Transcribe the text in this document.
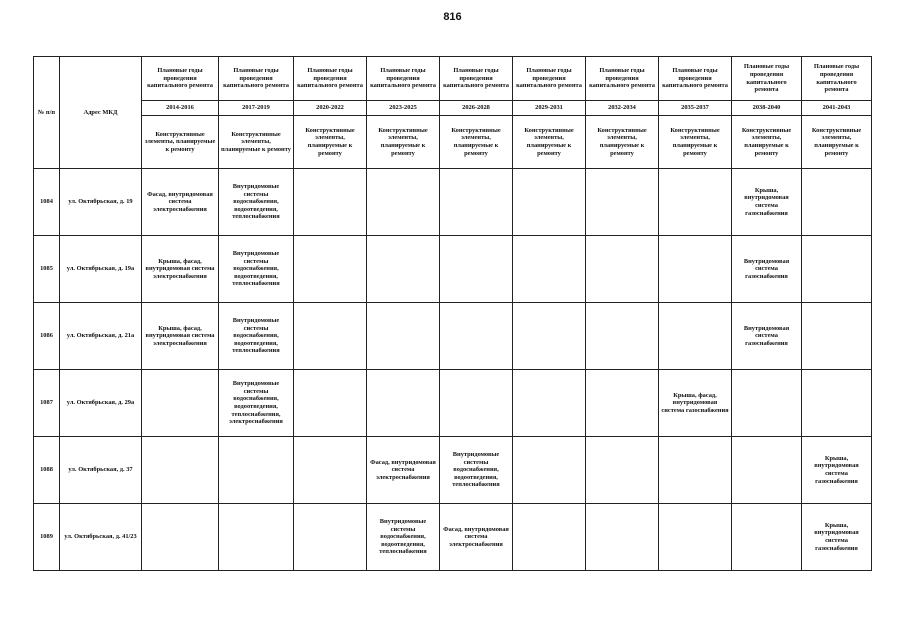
816
№ п/п	Адрес МКД	Плановые годы проведения капитального ремонта	Плановые годы проведения капитального ремонта	Плановые годы проведения капитального ремонта	Плановые годы проведения капитального ремонта	Плановые годы проведения капитального ремонта	Плановые годы проведения капитального ремонта	Плановые годы проведения капитального ремонта	Плановые годы проведения капитального ремонта	Плановые годы проведения капитального ремонта	Плановые годы проведения капитального ремонта
		2014-2016	2017-2019	2020-2022	2023-2025	2026-2028	2029-2031	2032-2034	2035-2037	2038-2040	2041-2043
		Конструктивные элементы, планируемые к ремонту	Конструктивные элементы, планируемые к ремонту	Конструктивные элементы, планируемые к ремонту	Конструктивные элементы, планируемые к ремонту	Конструктивные элементы, планируемые к ремонту	Конструктивные элементы, планируемые к ремонту	Конструктивные элементы, планируемые к ремонту	Конструктивные элементы, планируемые к ремонту	Конструктивные элементы, планируемые к ремонту	Конструктивные элементы, планируемые к ремонту
1084	ул. Октябрьская, д. 19	Фасад, внутридомовая система электроснабжения	Внутридомовые системы водоснабжения, водоотведения, теплоснабжения							Крыша, внутридомовая система газоснабжения	
1085	ул. Октябрьская, д. 19а	Крыша, фасад, внутридомовая система электроснабжения	Внутридомовые системы водоснабжения, водоотведения, теплоснабжения							Внутридомовая система газоснабжения	
1086	ул. Октябрьская, д. 21а	Крыша, фасад, внутридомовая система электроснабжения	Внутридомовые системы водоснабжения, водоотведения, теплоснабжения							Внутридомовая система газоснабжения	
1087	ул. Октябрьская, д. 29а		Внутридомовые системы водоснабжения, водоотведения, теплоснабжения, электроснабжения						Крыша, фасад, внутридомовая система газоснабжения		
1088	ул. Октябрьская, д. 37				Фасад, внутридомовая система электроснабжения	Внутридомовые системы водоснабжения, водоотведения, теплоснабжения					Крыша, внутридомовая система газоснабжения
1089	ул. Октябрьская, д. 41/23				Внутридомовые системы водоснабжения, водоотведения, теплоснабжения	Фасад, внутридомовая система электроснабжения					Крыша, внутридомовая система газоснабжения
